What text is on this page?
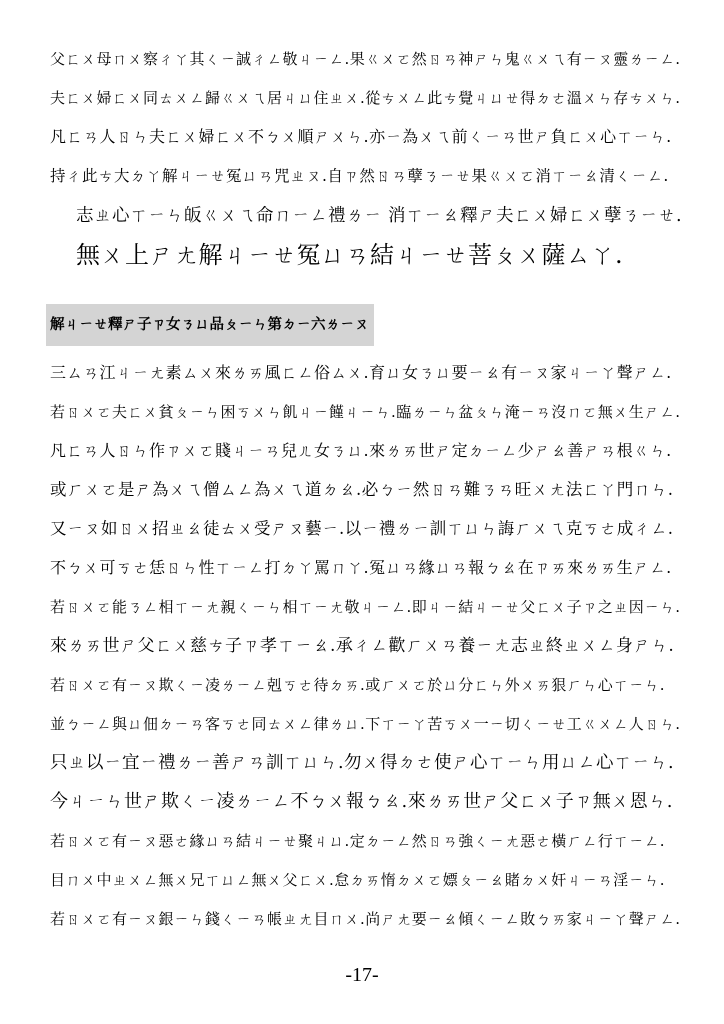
父ㄈㄨ母ㄇㄨ察ㄔㄚ其ㄑㄧ誠ㄔㄥ敬ㄐㄧㄥ.果ㄍㄨㄛ然ㄖㄢ神ㄕㄣ鬼ㄍㄨㄟ有ㄧㄡ靈ㄌㄧㄥ.
夫ㄈㄨ婦ㄈㄨ同ㄊㄨㄥ歸ㄍㄨㄟ居ㄐㄩ住ㄓㄨ.從ㄘㄨㄥ此ㄘ覺ㄐㄩㄝ得ㄉㄜ溫ㄨㄣ存ㄘㄨㄣ.
凡ㄈㄢ人ㄖㄣ夫ㄈㄨ婦ㄈㄨ不ㄅㄨ順ㄕㄨㄣ.亦ㄧ為ㄨㄟ前ㄑㄧㄢ世ㄕ負ㄈㄨ心ㄒㄧㄣ.
持ㄔ此ㄘ大ㄉㄚ解ㄐㄧㄝ冤ㄩㄢ咒ㄓㄡ.自ㄗ然ㄖㄢ孽ㄋㄧㄝ果ㄍㄨㄛ消ㄒㄧㄠ清ㄑㄧㄥ.
志ㄓ心ㄒㄧㄣ皈ㄍㄨㄟ命ㄇㄧㄥ禮ㄌㄧ 消ㄒㄧㄠ釋ㄕ夫ㄈㄨ婦ㄈㄨ孽ㄋㄧㄝ.
無ㄨ上ㄕㄤ解ㄐㄧㄝ冤ㄩㄢ結ㄐㄧㄝ菩ㄆㄨ薩ㄙㄚ.
解ㄐㄧㄝ釋ㄕ子ㄗ女ㄋㄩ品ㄆㄧㄣ第ㄉㄧ六ㄌㄧㄡ
三ㄙㄢ江ㄐㄧㄤ素ㄙㄨ來ㄌㄞ風ㄈㄥ俗ㄙㄨ.育ㄩ女ㄋㄩ要ㄧㄠ有ㄧㄡ家ㄐㄧㄚ聲ㄕㄥ.
若ㄖㄨㄛ夫ㄈㄨ貧ㄆㄧㄣ困ㄎㄨㄣ飢ㄐㄧ饉ㄐㄧㄣ.臨ㄌㄧㄣ盆ㄆㄣ淹ㄧㄢ沒ㄇㄛ無ㄨ生ㄕㄥ.
凡ㄈㄢ人ㄖㄣ作ㄗㄨㄛ賤ㄐㄧㄢ兒ㄦ女ㄋㄩ.來ㄌㄞ世ㄕ定ㄉㄧㄥ少ㄕㄠ善ㄕㄢ根ㄍㄣ.
或ㄏㄨㄛ是ㄕ為ㄨㄟ僧ㄙㄥ為ㄨㄟ道ㄉㄠ.必ㄅㄧ然ㄖㄢ難ㄋㄢ旺ㄨㄤ法ㄈㄚ門ㄇㄣ.
又ㄧㄡ如ㄖㄨ招ㄓㄠ徒ㄊㄨ受ㄕㄡ藝ㄧ.以ㄧ禮ㄌㄧ訓ㄒㄩㄣ誨ㄏㄨㄟ克ㄎㄜ成ㄔㄥ.
不ㄅㄨ可ㄎㄜ恁ㄖㄣ性ㄒㄧㄥ打ㄉㄚ罵ㄇㄚ.冤ㄩㄢ緣ㄩㄢ報ㄅㄠ在ㄗㄞ來ㄌㄞ生ㄕㄥ.
若ㄖㄨㄛ能ㄋㄥ相ㄒㄧㄤ親ㄑㄧㄣ相ㄒㄧㄤ敬ㄐㄧㄥ.即ㄐㄧ結ㄐㄧㄝ父ㄈㄨ子ㄗ之ㄓ因ㄧㄣ.
來ㄌㄞ世ㄕ父ㄈㄨ慈ㄘ子ㄗ孝ㄒㄧㄠ.承ㄔㄥ歡ㄏㄨㄢ養ㄧㄤ志ㄓ終ㄓㄨㄥ身ㄕㄣ.
若ㄖㄨㄛ有ㄧㄡ欺ㄑㄧ凌ㄌㄧㄥ剋ㄎㄜ待ㄉㄞ.或ㄏㄨㄛ於ㄩ分ㄈㄣ外ㄨㄞ狠ㄏㄣ心ㄒㄧㄣ.
並ㄅㄧㄥ與ㄩ佃ㄉㄧㄢ客ㄎㄜ同ㄊㄨㄥ律ㄌㄩ.下ㄒㄧㄚ苦ㄎㄨ一ㄧ切ㄑㄧㄝ工ㄍㄨㄥ人ㄖㄣ.
只ㄓ以ㄧ宜ㄧ禮ㄌㄧ善ㄕㄢ訓ㄒㄩㄣ.勿ㄨ得ㄉㄜ使ㄕ心ㄒㄧㄣ用ㄩㄥ心ㄒㄧㄣ.
今ㄐㄧㄣ世ㄕ欺ㄑㄧ凌ㄌㄧㄥ不ㄅㄨ報ㄅㄠ.來ㄌㄞ世ㄕ父ㄈㄨ子ㄗ無ㄨ恩ㄣ.
若ㄖㄨㄛ有ㄧㄡ惡ㄜ緣ㄩㄢ結ㄐㄧㄝ聚ㄐㄩ.定ㄉㄧㄥ然ㄖㄢ強ㄑㄧㄤ惡ㄜ橫ㄏㄥ行ㄒㄧㄥ.
目ㄇㄨ中ㄓㄨㄥ無ㄨ兄ㄒㄩㄥ無ㄨ父ㄈㄨ.怠ㄉㄞ惰ㄉㄨㄛ嫖ㄆㄧㄠ賭ㄉㄨ奸ㄐㄧㄢ淫ㄧㄣ.
若ㄖㄨㄛ有ㄧㄡ銀ㄧㄣ錢ㄑㄧㄢ帳ㄓㄤ目ㄇㄨ.尚ㄕㄤ要ㄧㄠ傾ㄑㄧㄥ敗ㄅㄞ家ㄐㄧㄚ聲ㄕㄥ.
-17-
